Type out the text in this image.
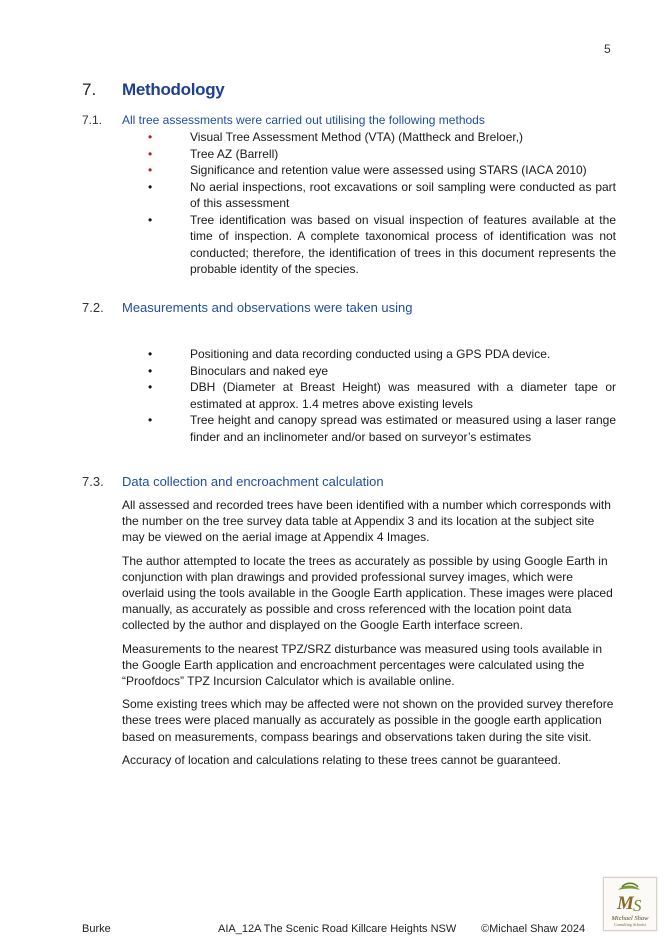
5
7. Methodology
7.1. All tree assessments were carried out utilising the following methods
•	Visual Tree Assessment Method (VTA) (Mattheck and Breloer,)
•	Tree AZ (Barrell)
•	Significance and retention value were assessed using STARS (IACA 2010)
•	No aerial inspections, root excavations or soil sampling were conducted as part of this assessment
•	Tree identification was based on visual inspection of features available at the time of inspection. A complete taxonomical process of identification was not conducted; therefore, the identification of trees in this document represents the probable identity of the species.
7.2. Measurements and observations were taken using
•	Positioning and data recording conducted using a GPS PDA device.
•	Binoculars and naked eye
•	DBH (Diameter at Breast Height) was measured with a diameter tape or estimated at approx. 1.4 metres above existing levels
•	Tree height and canopy spread was estimated or measured using a laser range finder and an inclinometer and/or based on surveyor’s estimates
7.3. Data collection and encroachment calculation

All assessed and recorded trees have been identified with a number which corresponds with the number on the tree survey data table at Appendix 3 and its location at the subject site may be viewed on the aerial image at Appendix 4 Images.

The author attempted to locate the trees as accurately as possible by using Google Earth in conjunction with plan drawings and provided professional survey images, which were overlaid using the tools available in the Google Earth application. These images were placed manually, as accurately as possible and cross referenced with the location point data collected by the author and displayed on the Google Earth interface screen.

Measurements to the nearest TPZ/SRZ disturbance was measured using tools available in the Google Earth application and encroachment percentages were calculated using the “Proofdocs” TPZ Incursion Calculator which is available online.

Some existing trees which may be affected were not shown on the provided survey therefore these trees were placed manually as accurately as possible in the google earth application based on measurements, compass bearings and observations taken during the site visit.

Accuracy of location and calculations relating to these trees cannot be guaranteed.

Burke	AIA_12A The Scenic Road Killcare Heights NSW ©Michael Shaw 2024
M S
Michael Shaw
Consulting Arborist
